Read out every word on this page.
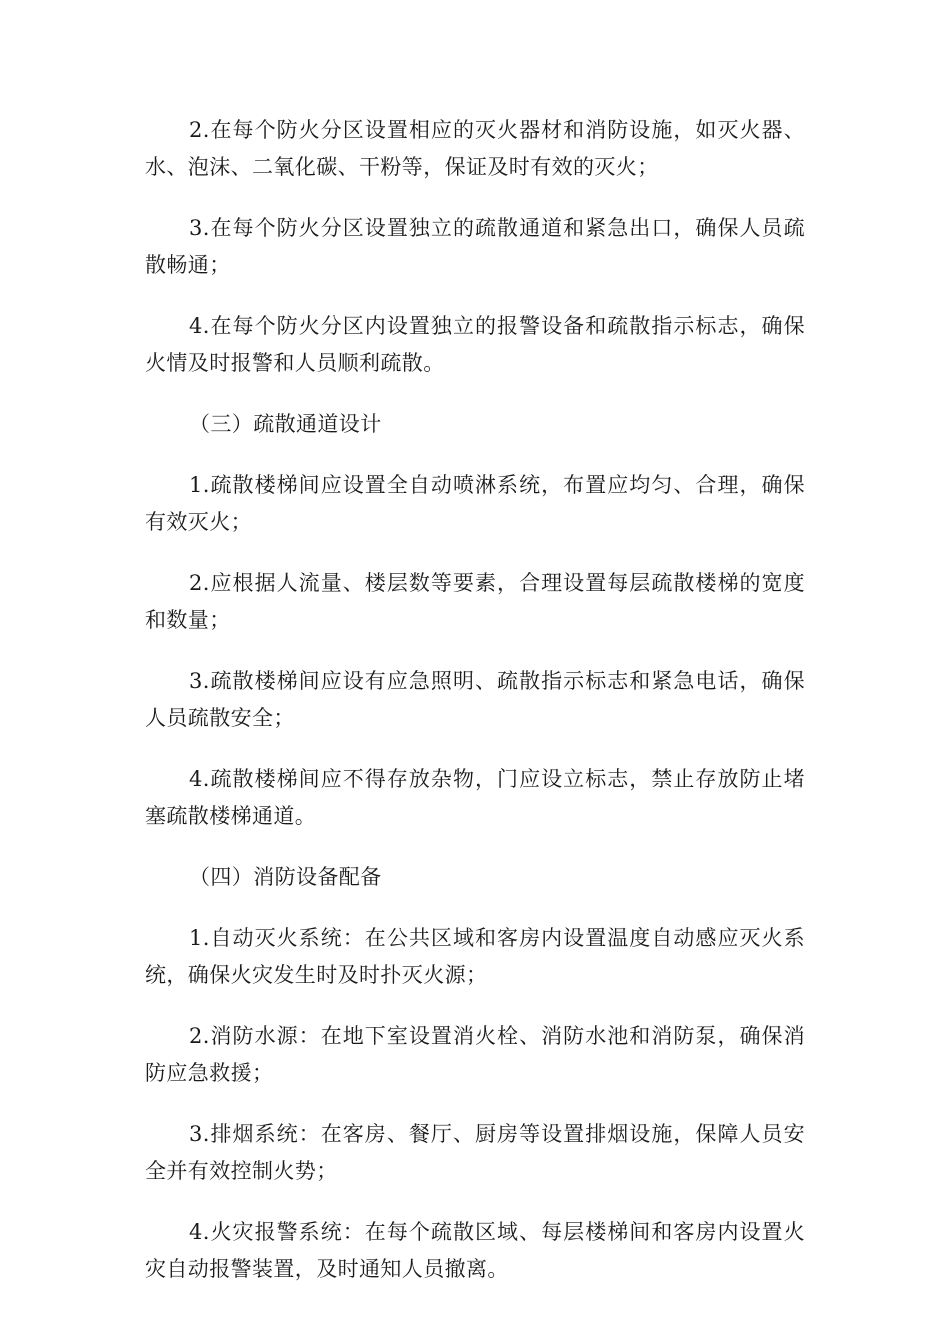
2.在每个防火分区设置相应的灭火器材和消防设施，如灭火器、水、泡沫、二氧化碳、干粉等，保证及时有效的灭火；

3.在每个防火分区设置独立的疏散通道和紧急出口，确保人员疏散畅通；

4.在每个防火分区内设置独立的报警设备和疏散指示标志，确保火情及时报警和人员顺利疏散。

（三）疏散通道设计

1.疏散楼梯间应设置全自动喷淋系统，布置应均匀、合理，确保有效灭火；

2.应根据人流量、楼层数等要素，合理设置每层疏散楼梯的宽度和数量；

3.疏散楼梯间应设有应急照明、疏散指示标志和紧急电话，确保人员疏散安全；

4.疏散楼梯间应不得存放杂物，门应设立标志，禁止存放防止堵塞疏散楼梯通道。

（四）消防设备配备

1.自动灭火系统：在公共区域和客房内设置温度自动感应灭火系统，确保火灾发生时及时扑灭火源；

2.消防水源：在地下室设置消火栓、消防水池和消防泵，确保消防应急救援；

3.排烟系统：在客房、餐厅、厨房等设置排烟设施，保障人员安全并有效控制火势；

4.火灾报警系统：在每个疏散区域、每层楼梯间和客房内设置火灾自动报警装置，及时通知人员撤离。
